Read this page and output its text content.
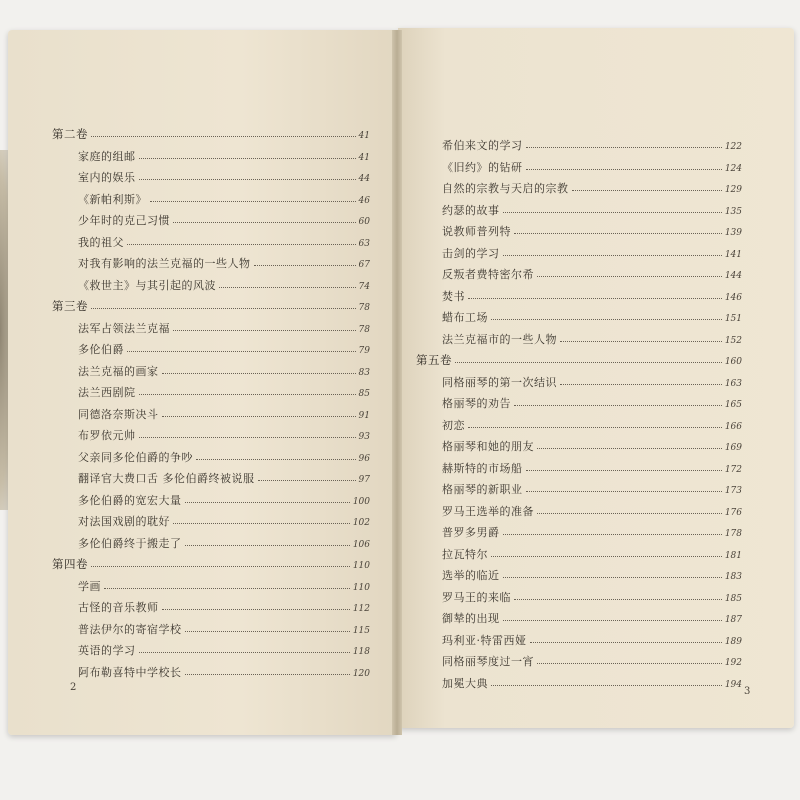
第二卷	41
家庭的组邮	41
室内的娱乐	44
《新帕利斯》	46
少年时的克己习惯	60
我的祖父	63
对我有影响的法兰克福的一些人物	67
《救世主》与其引起的风波	74
第三卷	78
法军占领法兰克福	78
多伦伯爵	79
法兰克福的画家	83
法兰西剧院	85
同德洛奈斯决斗	91
布罗依元帅	93
父亲同多伦伯爵的争吵	96
翻译官大费口舌 多伦伯爵终被说服	97
多伦伯爵的宽宏大量	100
对法国戏剧的耽好	102
多伦伯爵终于搬走了	106
第四卷	110
学画	110
古怪的音乐教师	112
普法伊尔的寄宿学校	115
英语的学习	118
阿布勒喜特中学校长	120
希伯来文的学习	122
《旧约》的钻研	124
自然的宗教与天启的宗教	129
约瑟的故事	135
说教师普列特	139
击剑的学习	141
反叛者费特密尔希	144
焚书	146
蜡布工场	151
法兰克福市的一些人物	152
第五卷	160
同格丽琴的第一次结识	163
格丽琴的劝告	165
初恋	166
格丽琴和她的朋友	169
赫斯特的市场船	172
格丽琴的新职业	173
罗马王选举的准备	176
普罗多男爵	178
拉瓦特尔	181
选举的临近	183
罗马王的来临	185
御辇的出现	187
玛利亚·特雷西娅	189
同格丽琴度过一宵	192
加冕大典	194
2	3
